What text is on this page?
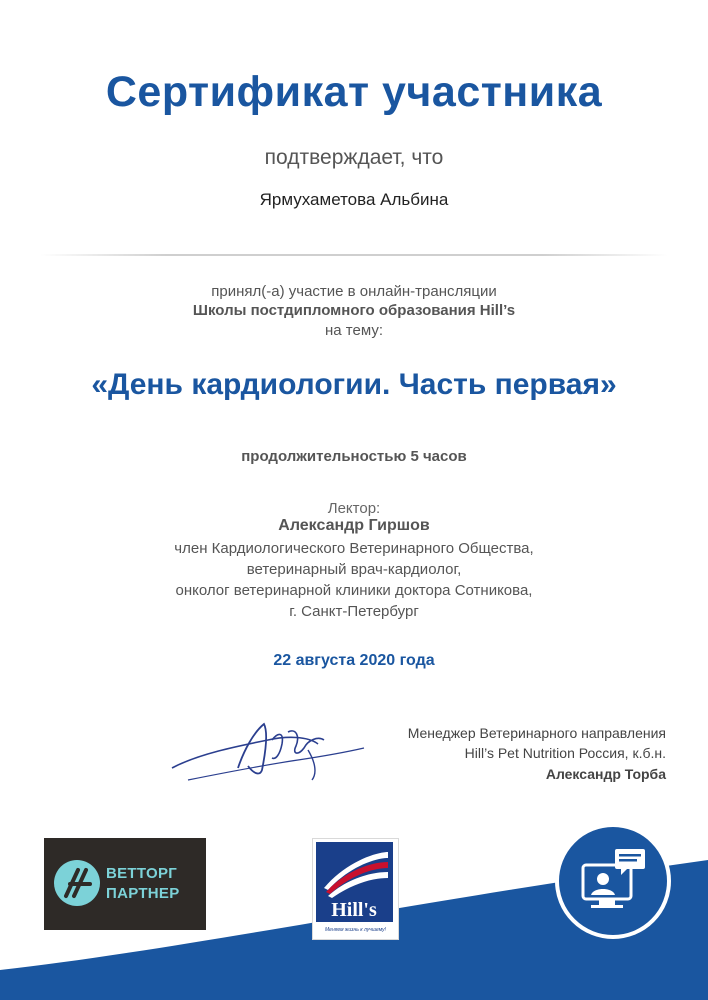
Сертификат участника
подтверждает, что
Ярмухаметова Альбина
принял(-а) участие в онлайн-трансляции
Школы постдипломного образования Hill’s
на тему:
«День кардиологии. Часть первая»
продолжительностью 5 часов
Лектор:
Александр Гиршов
член Кардиологического Ветеринарного Общества,
ветеринарный врач-кардиолог,
онколог ветеринарной клиники доктора Сотникова,
г. Санкт-Петербург
22 августа 2020 года
Менеджер Ветеринарного направления
Hill’s Pet Nutrition Россия, к.б.н.
Александр Торба
ВЕТТОРГ
ПАРТНЕР
Hill's
Меняем жизнь к лучшему!
